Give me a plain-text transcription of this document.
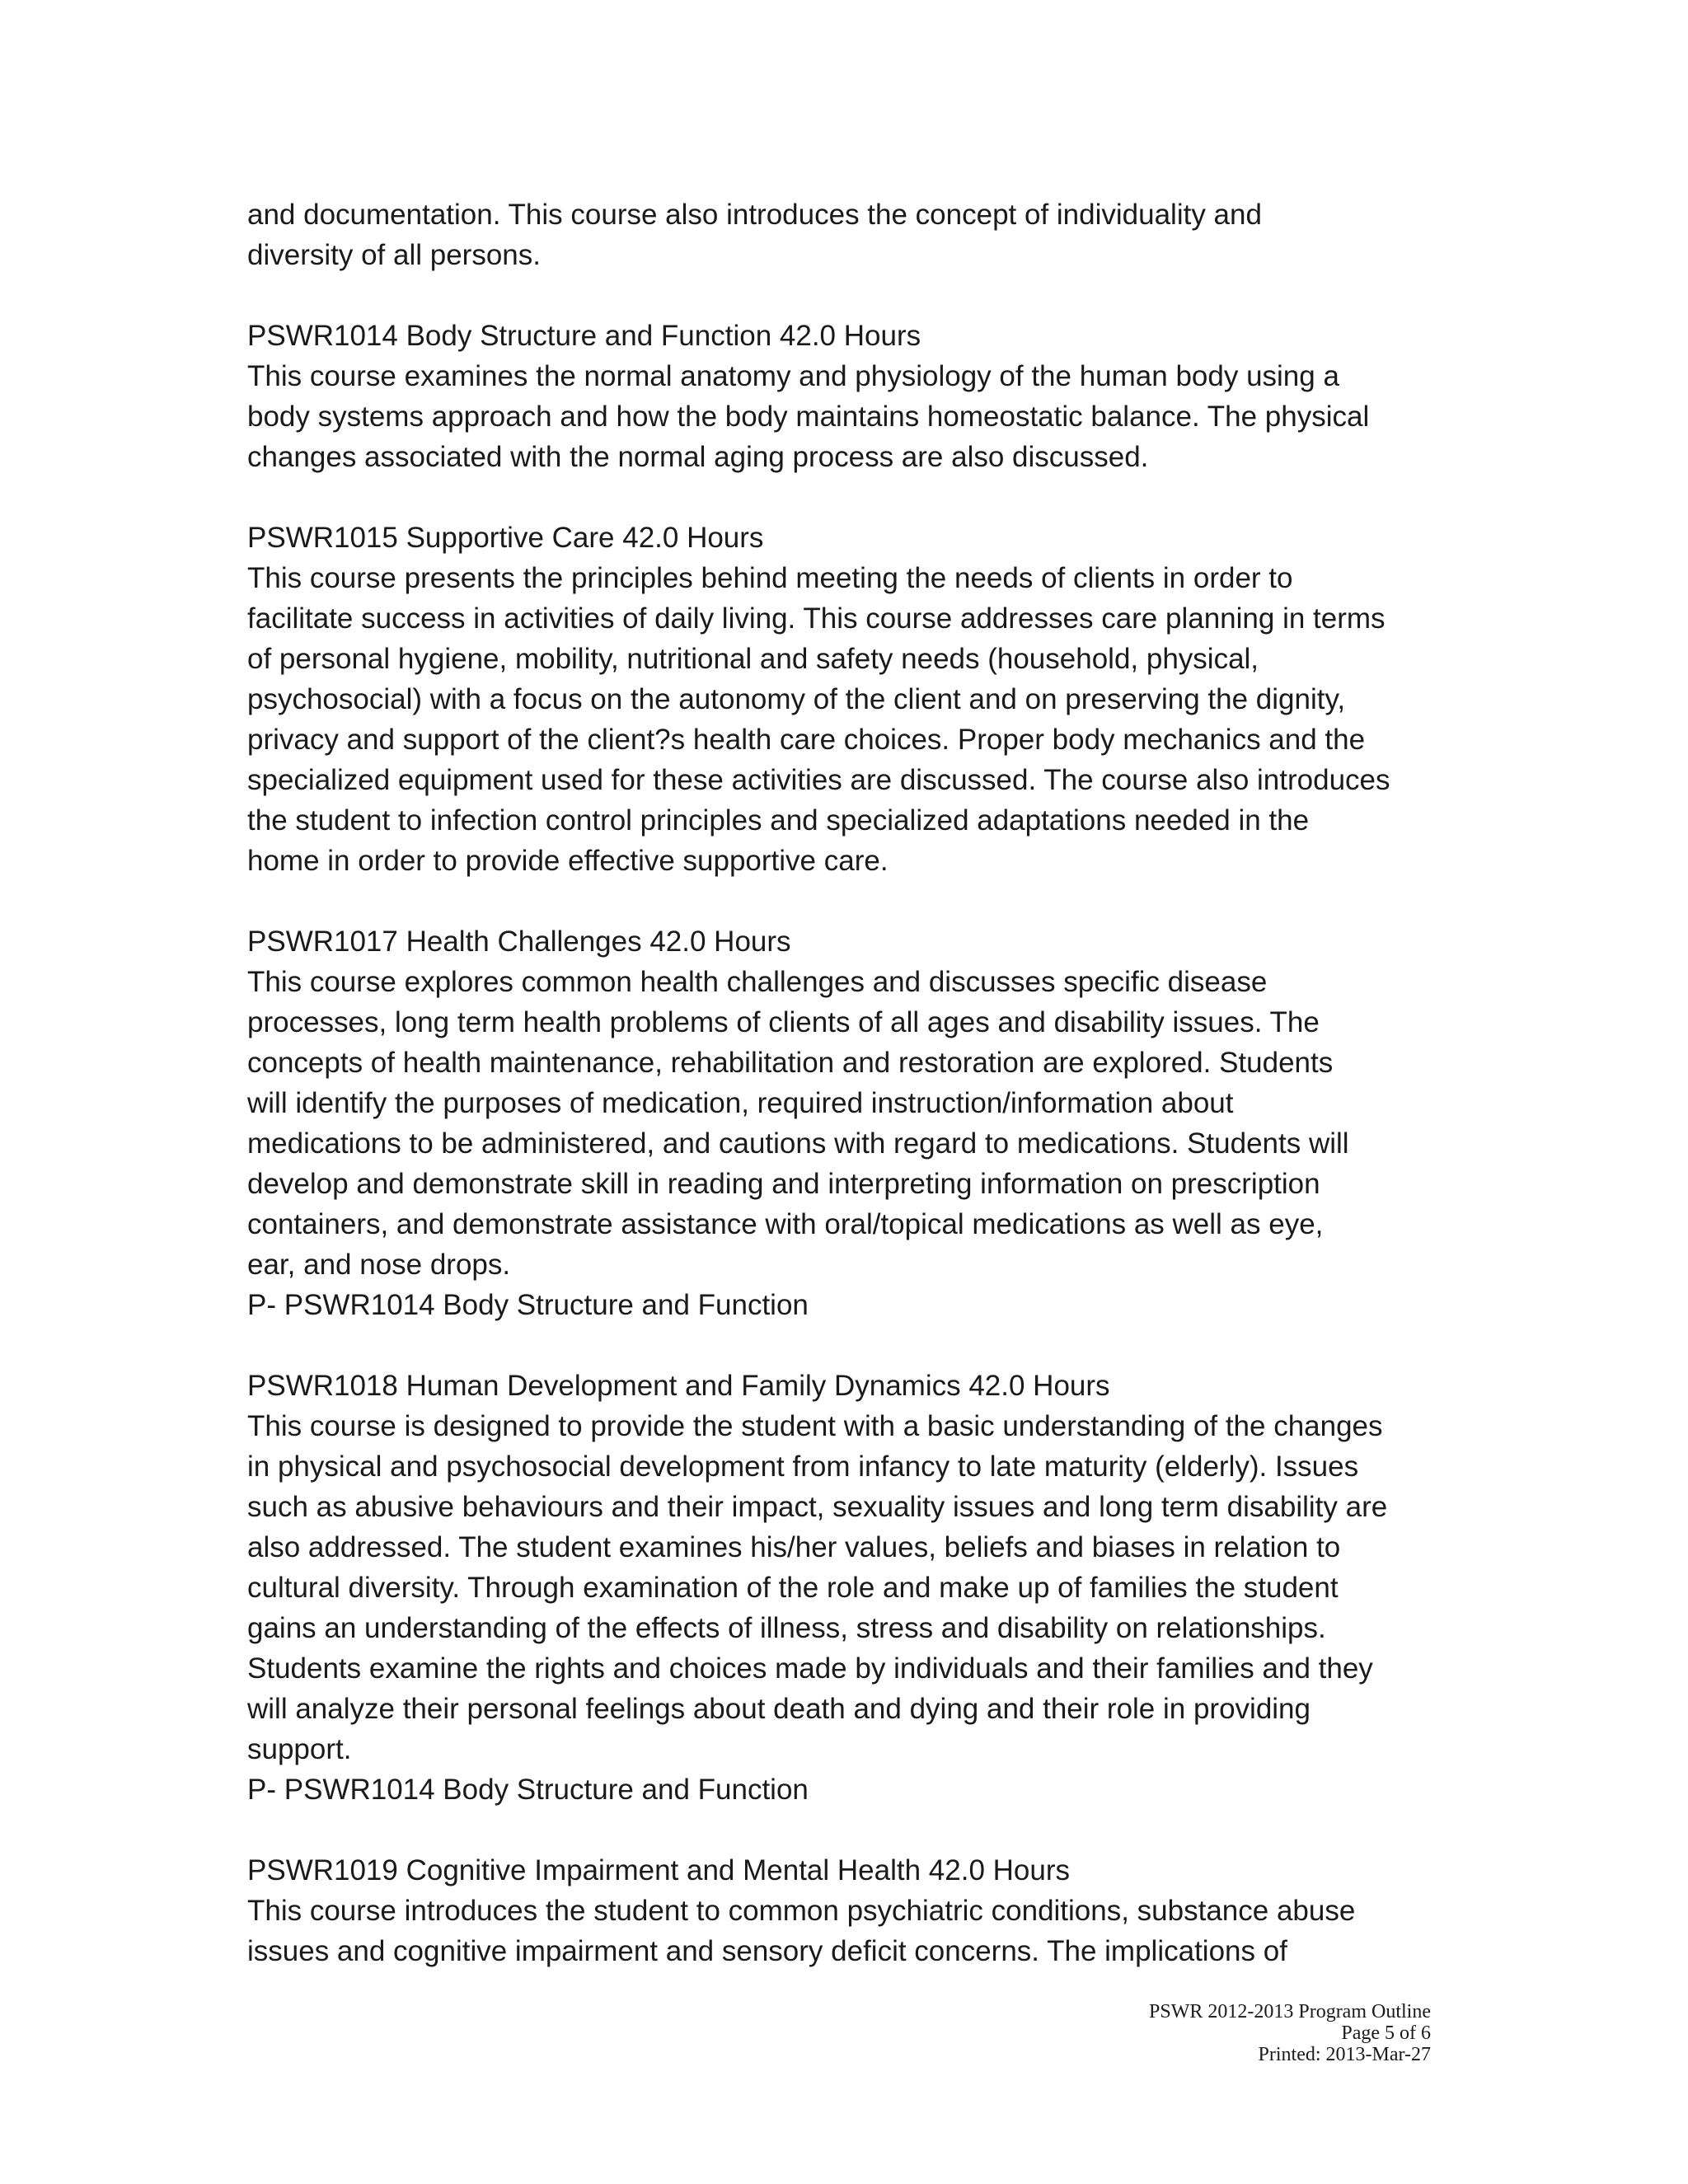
and documentation. This course also introduces the concept of individuality and

diversity of all persons.

PSWR1014 Body Structure and Function 42.0 Hours

This course examines the normal anatomy and physiology of the human body using a

body systems approach and how the body maintains homeostatic balance. The physical

changes associated with the normal aging process are also discussed.

PSWR1015 Supportive Care 42.0 Hours

This course presents the principles behind meeting the needs of clients in order to

facilitate success in activities of daily living. This course addresses care planning in terms

of personal hygiene, mobility, nutritional and safety needs (household, physical,

psychosocial) with a focus on the autonomy of the client and on preserving the dignity,

privacy and support of the client?s health care choices. Proper body mechanics and the

specialized equipment used for these activities are discussed. The course also introduces

the student to infection control principles and specialized adaptations needed in the

home in order to provide effective supportive care.

PSWR1017 Health Challenges 42.0 Hours

This course explores common health challenges and discusses specific disease

processes, long term health problems of clients of all ages and disability issues. The

concepts of health maintenance, rehabilitation and restoration are explored. Students

will identify the purposes of medication, required instruction/information about

medications to be administered, and cautions with regard to medications. Students will

develop and demonstrate skill in reading and interpreting information on prescription

containers, and demonstrate assistance with oral/topical medications as well as eye,

ear, and nose drops.

P- PSWR1014 Body Structure and Function

PSWR1018 Human Development and Family Dynamics 42.0 Hours

This course is designed to provide the student with a basic understanding of the changes

in physical and psychosocial development from infancy to late maturity (elderly). Issues

such as abusive behaviours and their impact, sexuality issues and long term disability are

also addressed. The student examines his/her values, beliefs and biases in relation to

cultural diversity. Through examination of the role and make up of families the student

gains an understanding of the effects of illness, stress and disability on relationships.

Students examine the rights and choices made by individuals and their families and they

will analyze their personal feelings about death and dying and their role in providing

support.

P- PSWR1014 Body Structure and Function

PSWR1019 Cognitive Impairment and Mental Health 42.0 Hours

This course introduces the student to common psychiatric conditions, substance abuse

issues and cognitive impairment and sensory deficit concerns. The implications of

PSWR 2012-2013 Program Outline
Page 5 of 6
Printed: 2013-Mar-27
